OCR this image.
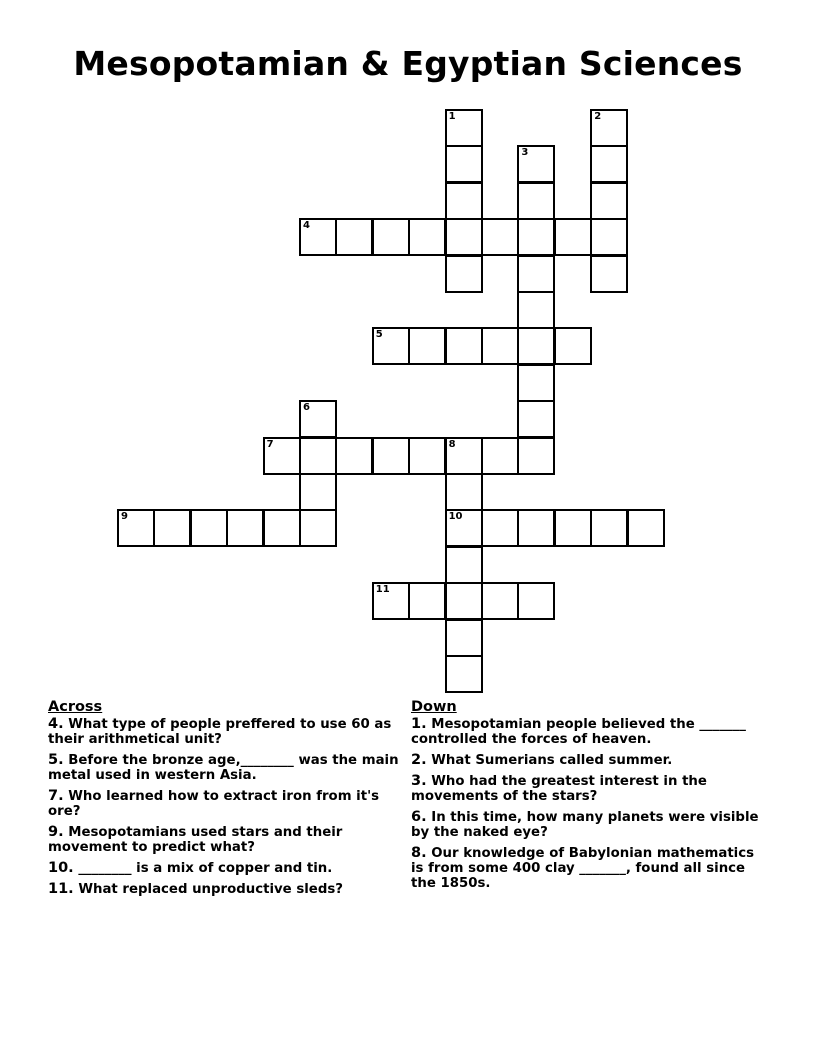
Mesopotamian & Egyptian Sciences
1	2
3
4
5
6
7	8
10
9
11
Across
4. What type of people preffered to use 60 as their arithmetical unit?
5. Before the bronze age,________ was the main metal used in western Asia.
7. Who learned how to extract iron from it's ore?
9. Mesopotamians used stars and their movement to predict what?
10. ________ is a mix of copper and tin.
11. What replaced unproductive sleds?
Down
1. Mesopotamian people believed the _______ controlled the forces of heaven.
2. What Sumerians called summer.
3. Who had the greatest interest in the movements of the stars?
6. In this time, how many planets were visible by the naked eye?
8. Our knowledge of Babylonian mathematics is from some 400 clay _______, found all since the 1850s.
